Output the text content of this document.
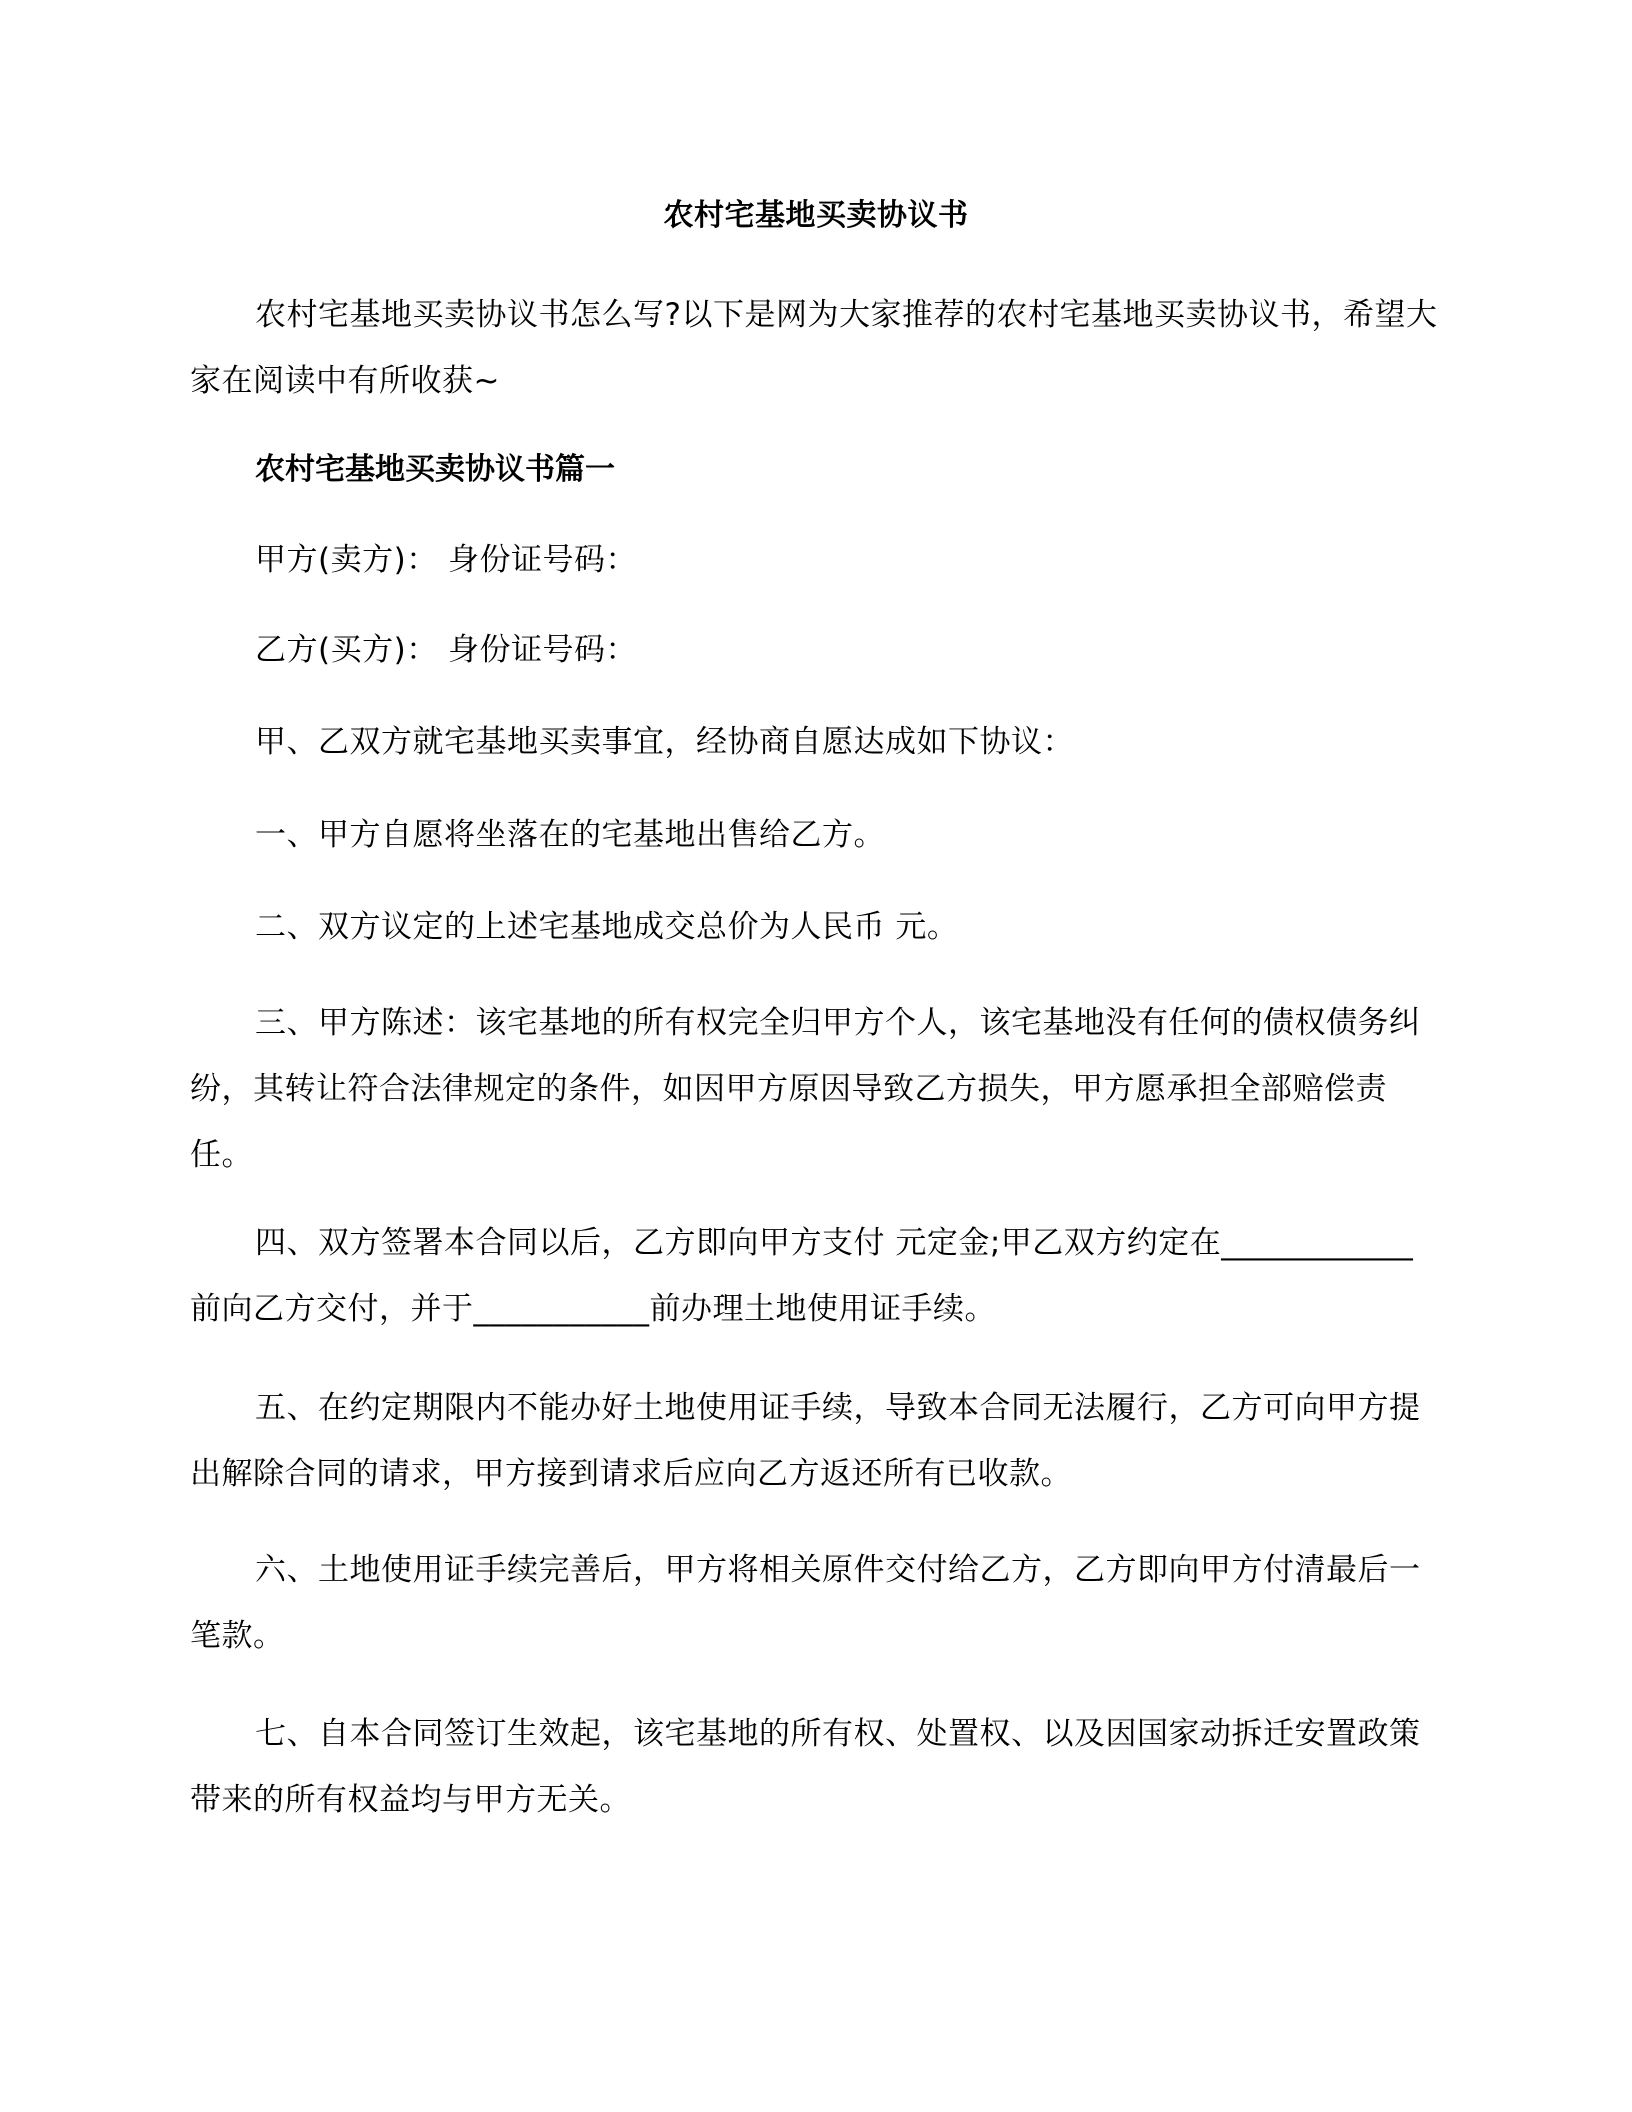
农村宅基地买卖协议书
农村宅基地买卖协议书怎么写?以下是网为大家推荐的农村宅基地买卖协议书，希望大家在阅读中有所收获~
农村宅基地买卖协议书篇一
甲方(卖方)： 身份证号码：
乙方(买方)： 身份证号码：
甲、乙双方就宅基地买卖事宜，经协商自愿达成如下协议：
一、甲方自愿将坐落在的宅基地出售给乙方。
二、双方议定的上述宅基地成交总价为人民币 元。
三、甲方陈述：该宅基地的所有权完全归甲方个人，该宅基地没有任何的债权债务纠纷，其转让符合法律规定的条件，如因甲方原因导致乙方损失，甲方愿承担全部赔偿责任。
四、双方签署本合同以后，乙方即向甲方支付 元定金;甲乙双方约定在____________前向乙方交付，并于___________前办理土地使用证手续。
五、在约定期限内不能办好土地使用证手续，导致本合同无法履行，乙方可向甲方提出解除合同的请求，甲方接到请求后应向乙方返还所有已收款。
六、土地使用证手续完善后，甲方将相关原件交付给乙方，乙方即向甲方付清最后一笔款。
七、自本合同签订生效起，该宅基地的所有权、处置权、以及因国家动拆迁安置政策带来的所有权益均与甲方无关。
